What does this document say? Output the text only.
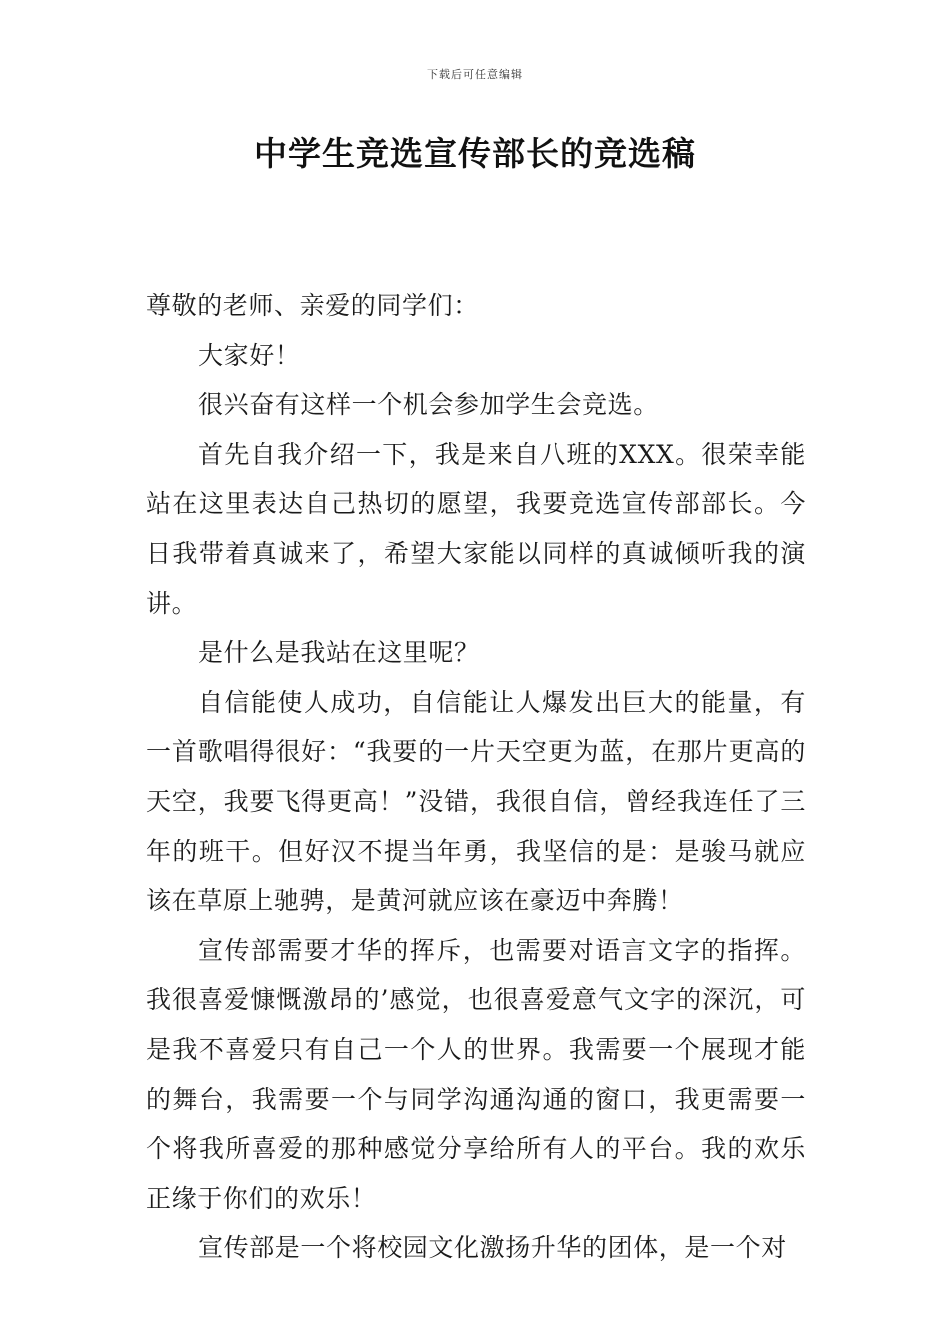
下载后可任意编辑
中学生竞选宣传部长的竞选稿

尊敬的老师、亲爱的同学们：

大家好！

很兴奋有这样一个机会参加学生会竞选。

首先自我介绍一下，我是来自八班的XXX。很荣幸能站在这里表达自己热切的愿望，我要竞选宣传部部长。今日我带着真诚来了，希望大家能以同样的真诚倾听我的演讲。

是什么是我站在这里呢？

自信能使人成功，自信能让人爆发出巨大的能量，有一首歌唱得很好：“我要的一片天空更为蓝，在那片更高的天空，我要飞得更高！”没错，我很自信，曾经我连任了三年的班干。但好汉不提当年勇，我坚信的是：是骏马就应该在草原上驰骋，是黄河就应该在豪迈中奔腾！

宣传部需要才华的挥斥，也需要对语言文字的指挥。我很喜爱慷慨激昂的’感觉，也很喜爱意气文字的深沉，可是我不喜爱只有自己一个人的世界。我需要一个展现才能的舞台，我需要一个与同学沟通沟通的窗口，我更需要一个将我所喜爱的那种感觉分享给所有人的平台。我的欢乐正缘于你们的欢乐！

宣传部是一个将校园文化激扬升华的团体，是一个对
